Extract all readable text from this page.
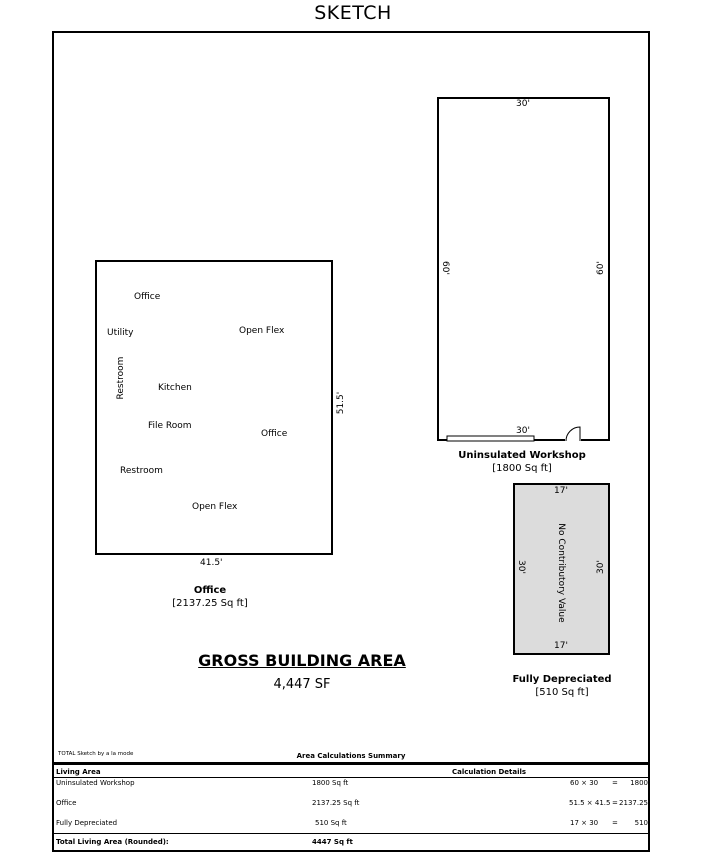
SKETCH
Office
Utility	Open Flex
Restroom	Kitchen
File Room
Office
Restroom
Open Flex
51.5'
41.5'
Office
[2137.25 Sq ft]
30'
30'
60'	60'
Uninsulated Workshop
[1800 Sq ft]
17'
17'
30'	30'
No Contributory Value
Fully Depreciated
[510 Sq ft]
GROSS BUILDING AREA
4,447 SF
TOTAL Sketch by a la mode	Area Calculations Summary
Living Area	Calculation Details
Uninsulated Workshop	1800 Sq ft	60 × 30 = 1800
Office	2137.25 Sq ft	51.5 × 41.5 = 2137.25
Fully Depreciated	510 Sq ft	17 × 30 = 510
Total Living Area (Rounded):	4447 Sq ft
